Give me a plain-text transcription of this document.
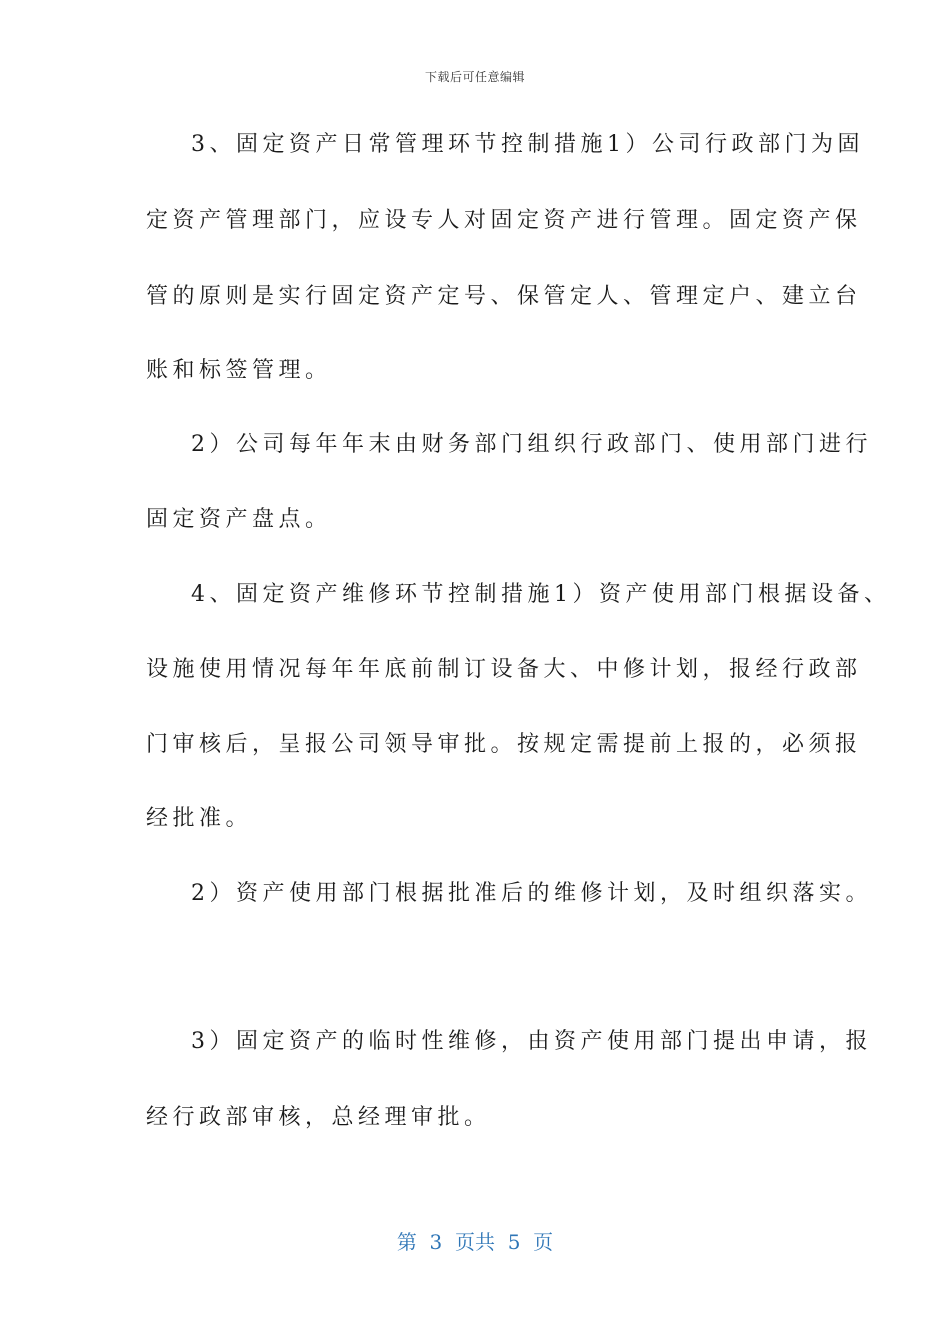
下载后可任意编辑
3、固定资产日常管理环节控制措施1）公司行政部门为固
定资产管理部门，应设专人对固定资产进行管理。固定资产保
管的原则是实行固定资产定号、保管定人、管理定户、建立台
账和标签管理。
2）公司每年年末由财务部门组织行政部门、使用部门进行
固定资产盘点。
4、固定资产维修环节控制措施1）资产使用部门根据设备、
设施使用情况每年年底前制订设备大、中修计划，报经行政部
门审核后，呈报公司领导审批。按规定需提前上报的，必须报
经批准。
2）资产使用部门根据批准后的维修计划，及时组织落实。
3）固定资产的临时性维修，由资产使用部门提出申请，报
经行政部审核，总经理审批。
第  3  页共  5  页
